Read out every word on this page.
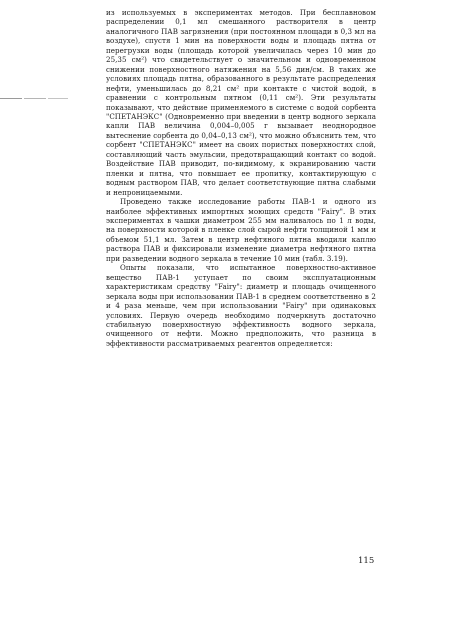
из используемых в экспериментах методов. При бесплавновом распределении 0,1 мл смешанного растворителя в центр аналогичного ПАВ загрязнения (при постоянном площади в 0,3 мл на воздухе), спустя 1 мин на поверхности воды и площадь пятна от перегрузки воды (площадь которой увеличилась через 10 мин до 25,35 см²) что свидетельствует о значительном и одновременном снижении поверхностного натяжения на 5,56 дин/см. В таких же условиях площадь пятна, образованного в результате распределения нефти, уменьшилась до 8,21 см² при контакте с чистой водой, в сравнении с контрольным пятном (0,11 см²). Эти результаты показывают, что действие применяемого в системе с водой сорбента "СПЕТАНЭКС" (Одновременно при введении в центр водного зеркала капли ПАВ величина 0,004–0,005 г вызывает неоднородное вытеснение сорбента до 0,04–0,13 см²), что можно объяснить тем, что сорбент "СПЕТАНЭКС" имеет на своих пористых поверхностях слой, составляющий часть эмульсии, предотвращающий контакт со водой. Воздействие ПАВ приводит, по-видимому, к экранированию части пленки и пятна, что повышает ее пропитку, контактирующую с водным раствором ПАВ, что делает соответствующие пятна слабыми и непроницаемыми.

Проведено также исследование работы ПАВ-1 и одного из наиболее эффективных импортных моющих средств "Fairy". В этих экспериментах в чашки диаметром 255 мм наливалось по 1 л воды, на поверхности которой в пленке слой сырой нефти толщиной 1 мм и объемом 51,1 мл. Затем в центр нефтяного пятна вводили каплю раствора ПАВ и фиксировали изменение диаметра нефтяного пятна при разведении водного зеркала в течение 10 мин (табл. 3.19).

Опыты показали, что испытанное поверхностно-активное вещество ПАВ-1 уступает по своим эксплуатационным характеристикам средству "Fairy": диаметр и площадь очищенного зеркала воды при использовании ПАВ-1 в среднем соответственно в 2 и 4 раза меньше, чем при использовании "Fairy" при одинаковых условиях. Первую очередь необходимо подчеркнуть достаточно стабильную поверхностную эффективность водного зеркала, очищенного от нефти. Можно предположить, что разница в эффективности рассматриваемых реагентов определяется:

115
